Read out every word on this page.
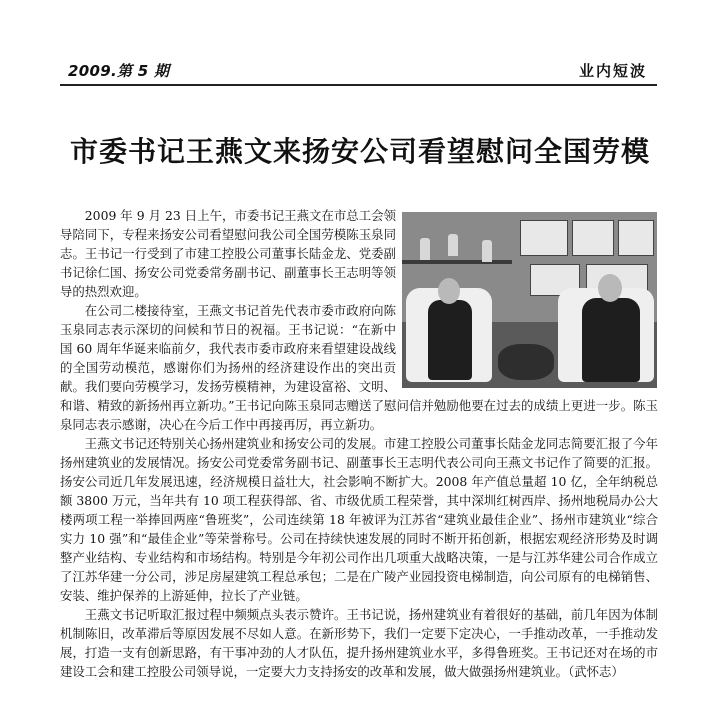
2009.第 5 期	业内短波
市委书记王燕文来扬安公司看望慰问全国劳模

2009 年 9 月 23 日上午，市委书记王燕文在市总工会领导陪同下，专程来扬安公司看望慰问我公司全国劳模陈玉泉同志。王书记一行受到了市建工控股公司董事长陆金龙、党委副书记徐仁国、扬安公司党委常务副书记、副董事长王志明等领导的热烈欢迎。

在公司二楼接待室，王燕文书记首先代表市委市政府向陈玉泉同志表示深切的问候和节日的祝福。王书记说：“在新中国 60 周年华诞来临前夕，我代表市委市政府来看望建设战线的全国劳动模范，感谢你们为扬州的经济建设作出的突出贡献。我们要向劳模学习，发扬劳模精神，为建设富裕、文明、和谐、精致的新扬州再立新功。”王书记向陈玉泉同志赠送了慰问信并勉励他要在过去的成绩上更进一步。陈玉泉同志表示感谢，决心在今后工作中再接再厉，再立新功。

王燕文书记还特别关心扬州建筑业和扬安公司的发展。市建工控股公司董事长陆金龙同志简要汇报了今年扬州建筑业的发展情况。扬安公司党委常务副书记、副董事长王志明代表公司向王燕文书记作了简要的汇报。扬安公司近几年发展迅速，经济规模日益壮大，社会影响不断扩大。2008 年产值总量超 10 亿，全年纳税总额 3800 万元，当年共有 10 项工程获得部、省、市级优质工程荣誉，其中深圳红树西岸、扬州地税局办公大楼两项工程一举捧回两座“鲁班奖”，公司连续第 18 年被评为江苏省“建筑业最佳企业”、扬州市建筑业“综合实力 10 强”和“最佳企业”等荣誉称号。公司在持续快速发展的同时不断开拓创新，根据宏观经济形势及时调整产业结构、专业结构和市场结构。特别是今年初公司作出几项重大战略决策，一是与江苏华建公司合作成立了江苏华建一分公司，涉足房屋建筑工程总承包；二是在广陵产业园投资电梯制造，向公司原有的电梯销售、安装、维护保养的上游延伸，拉长了产业链。

王燕文书记听取汇报过程中频频点头表示赞许。王书记说，扬州建筑业有着很好的基础，前几年因为体制机制陈旧，改革滞后等原因发展不尽如人意。在新形势下，我们一定要下定决心，一手推动改革，一手推动发展，打造一支有创新思路，有干事冲劲的人才队伍，提升扬州建筑业水平，多得鲁班奖。王书记还对在场的市建设工会和建工控股公司领导说，一定要大力支持扬安的改革和发展，做大做强扬州建筑业。（武怀志）
